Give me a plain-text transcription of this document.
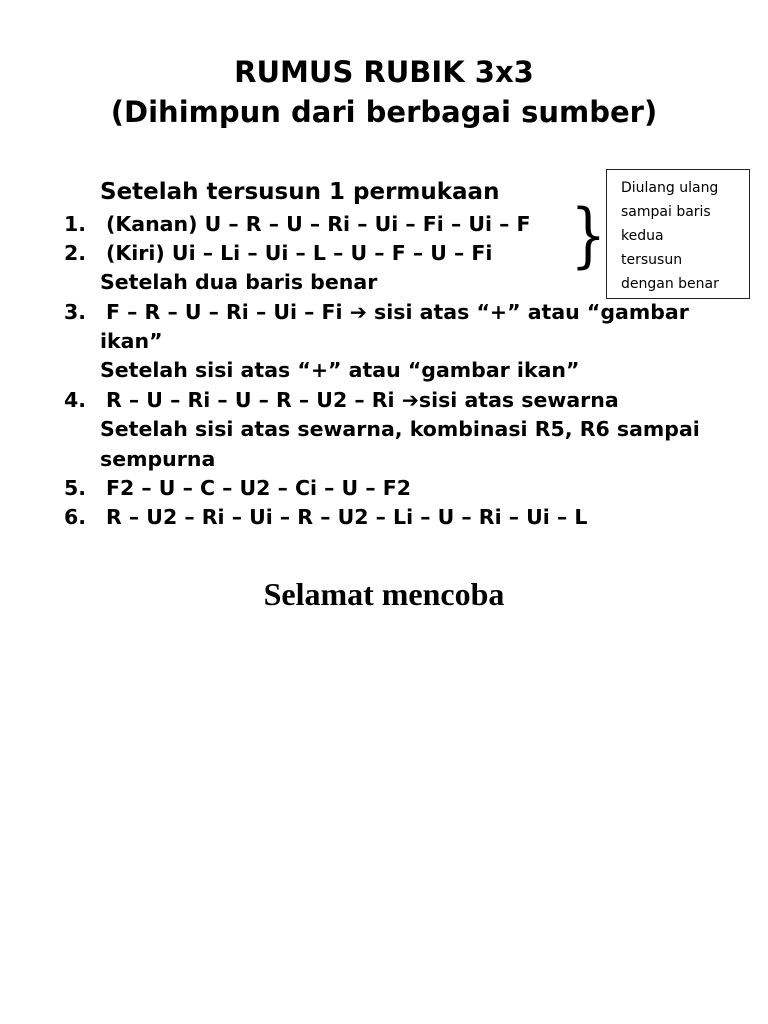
RUMUS RUBIK 3x3
(Dihimpun dari berbagai sumber)
Setelah tersusun 1 permukaan
1. (Kanan) U – R – U – Ri – Ui – Fi – Ui – F
2. (Kiri) Ui – Li – Ui – L – U – F – U – Fi }
Diulang ulang
sampai baris
kedua
tersusun
dengan benar
Setelah dua baris benar
3. F – R – U – Ri – Ui – Fi ➔ sisi atas “+” atau “gambar
ikan”
Setelah sisi atas “+” atau “gambar ikan”
4. R – U – Ri – U – R – U2 – Ri ➔sisi atas sewarna
Setelah sisi atas sewarna, kombinasi R5, R6 sampai
sempurna
5. F2 – U – C – U2 – Ci – U – F2
6. R – U2 – Ri – Ui – R – U2 – Li – U – Ri – Ui – L
Selamat mencoba
